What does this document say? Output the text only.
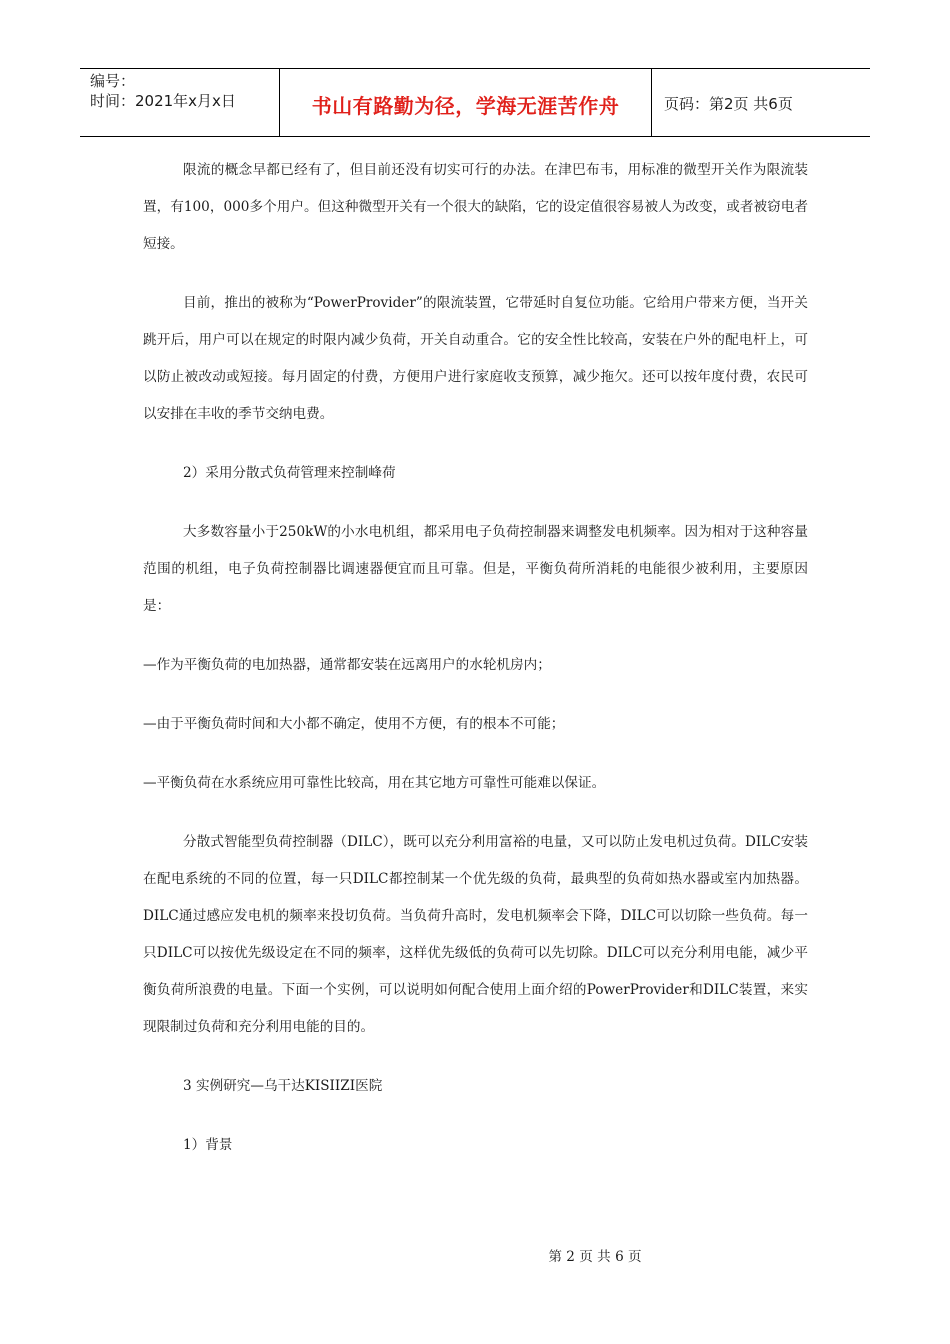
编号：
时间：2021年x月x日	书山有路勤为径，学海无涯苦作舟	页码：第2页 共6页

限流的概念早都已经有了，但目前还没有切实可行的办法。在津巴布韦，用标准的微型开关作为限流装置，有100，000多个用户。但这种微型开关有一个很大的缺陷，它的设定值很容易被人为改变，或者被窃电者短接。

目前，推出的被称为“PowerProvider”的限流装置，它带延时自复位功能。它给用户带来方便，当开关跳开后，用户可以在规定的时限内减少负荷，开关自动重合。它的安全性比较高，安装在户外的配电杆上，可以防止被改动或短接。每月固定的付费，方便用户进行家庭收支预算，减少拖欠。还可以按年度付费，农民可以安排在丰收的季节交纳电费。

2）采用分散式负荷管理来控制峰荷

大多数容量小于250kW的小水电机组，都采用电子负荷控制器来调整发电机频率。因为相对于这种容量范围的机组，电子负荷控制器比调速器便宜而且可靠。但是，平衡负荷所消耗的电能很少被利用，主要原因是：

—作为平衡负荷的电加热器，通常都安装在远离用户的水轮机房内；

—由于平衡负荷时间和大小都不确定，使用不方便，有的根本不可能；

—平衡负荷在水系统应用可靠性比较高，用在其它地方可靠性可能难以保证。

分散式智能型负荷控制器（DILC），既可以充分利用富裕的电量，又可以防止发电机过负荷。DILC安装在配电系统的不同的位置，每一只DILC都控制某一个优先级的负荷，最典型的负荷如热水器或室内加热器。DILC通过感应发电机的频率来投切负荷。当负荷升高时，发电机频率会下降，DILC可以切除一些负荷。每一只DILC可以按优先级设定在不同的频率，这样优先级低的负荷可以先切除。DILC可以充分利用电能，减少平衡负荷所浪费的电量。下面一个实例，可以说明如何配合使用上面介绍的PowerProvider和DILC装置，来实现限制过负荷和充分利用电能的目的。

3 实例研究—乌干达KISIIZI医院

1）背景

第 2 页 共 6 页
